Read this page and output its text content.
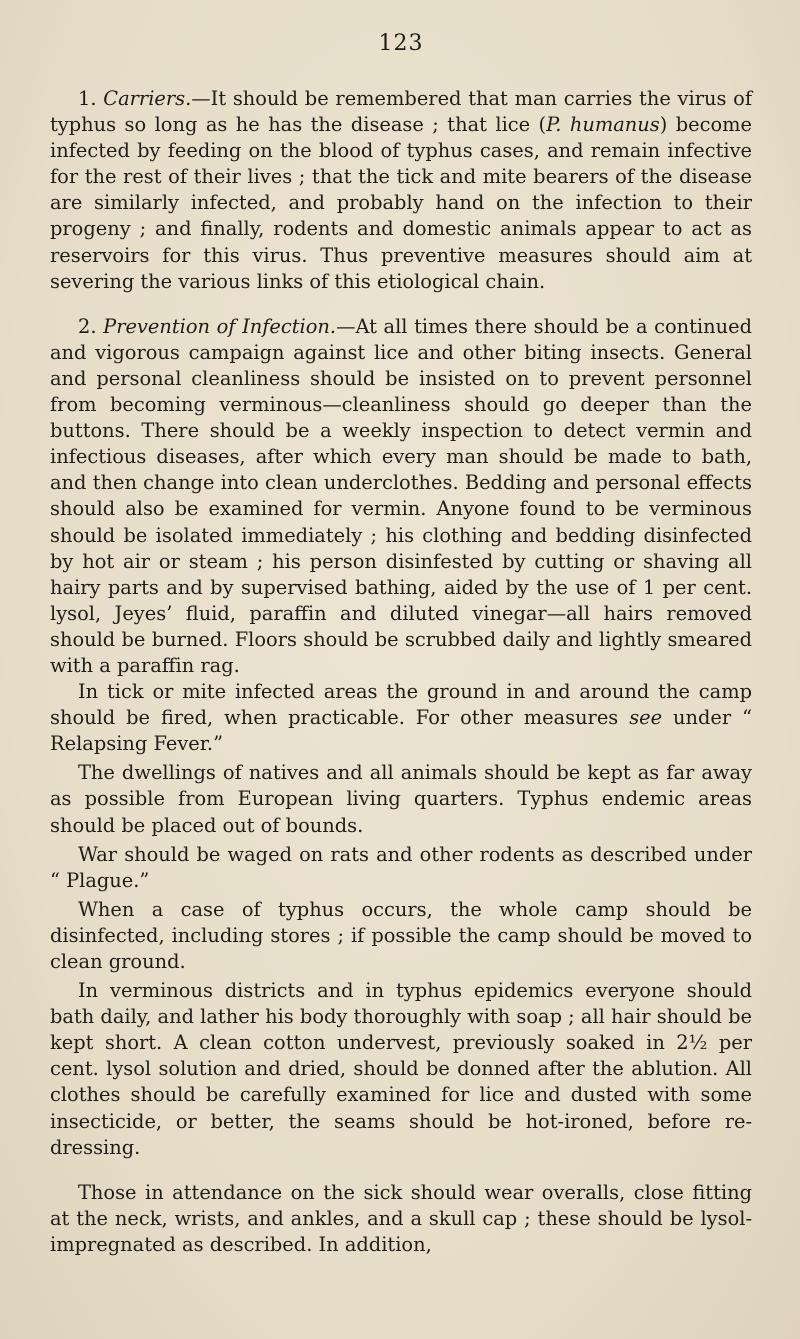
123

1. Carriers.—It should be remembered that man carries the virus of typhus so long as he has the disease ; that lice (P. humanus) become infected by feeding on the blood of typhus cases, and remain infective for the rest of their lives ; that the tick and mite bearers of the disease are similarly infected, and probably hand on the infection to their progeny ; and finally, rodents and domestic animals appear to act as reservoirs for this virus. Thus preventive measures should aim at severing the various links of this etiological chain.

2. Prevention of Infection.—At all times there should be a continued and vigorous campaign against lice and other biting insects. General and personal cleanliness should be insisted on to prevent personnel from becoming verminous—cleanliness should go deeper than the buttons. There should be a weekly inspection to detect vermin and infectious diseases, after which every man should be made to bath, and then change into clean underclothes. Bedding and personal effects should also be examined for vermin. Anyone found to be verminous should be isolated immediately ; his clothing and bedding disinfected by hot air or steam ; his person disinfested by cutting or shaving all hairy parts and by supervised bathing, aided by the use of 1 per cent. lysol, Jeyes’ fluid, paraffin and diluted vinegar—all hairs removed should be burned. Floors should be scrubbed daily and lightly smeared with a paraffin rag.

In tick or mite infected areas the ground in and around the camp should be fired, when practicable. For other measures see under “ Relapsing Fever.”

The dwellings of natives and all animals should be kept as far away as possible from European living quarters. Typhus endemic areas should be placed out of bounds.

War should be waged on rats and other rodents as described under “ Plague.”

When a case of typhus occurs, the whole camp should be disinfected, including stores ; if possible the camp should be moved to clean ground.

In verminous districts and in typhus epidemics everyone should bath daily, and lather his body thoroughly with soap ; all hair should be kept short. A clean cotton undervest, previously soaked in 2½ per cent. lysol solution and dried, should be donned after the ablution. All clothes should be carefully examined for lice and dusted with some insecticide, or better, the seams should be hot-ironed, before re-dressing.

Those in attendance on the sick should wear overalls, close fitting at the neck, wrists, and ankles, and a skull cap ; these should be lysol-impregnated as described. In addition,
